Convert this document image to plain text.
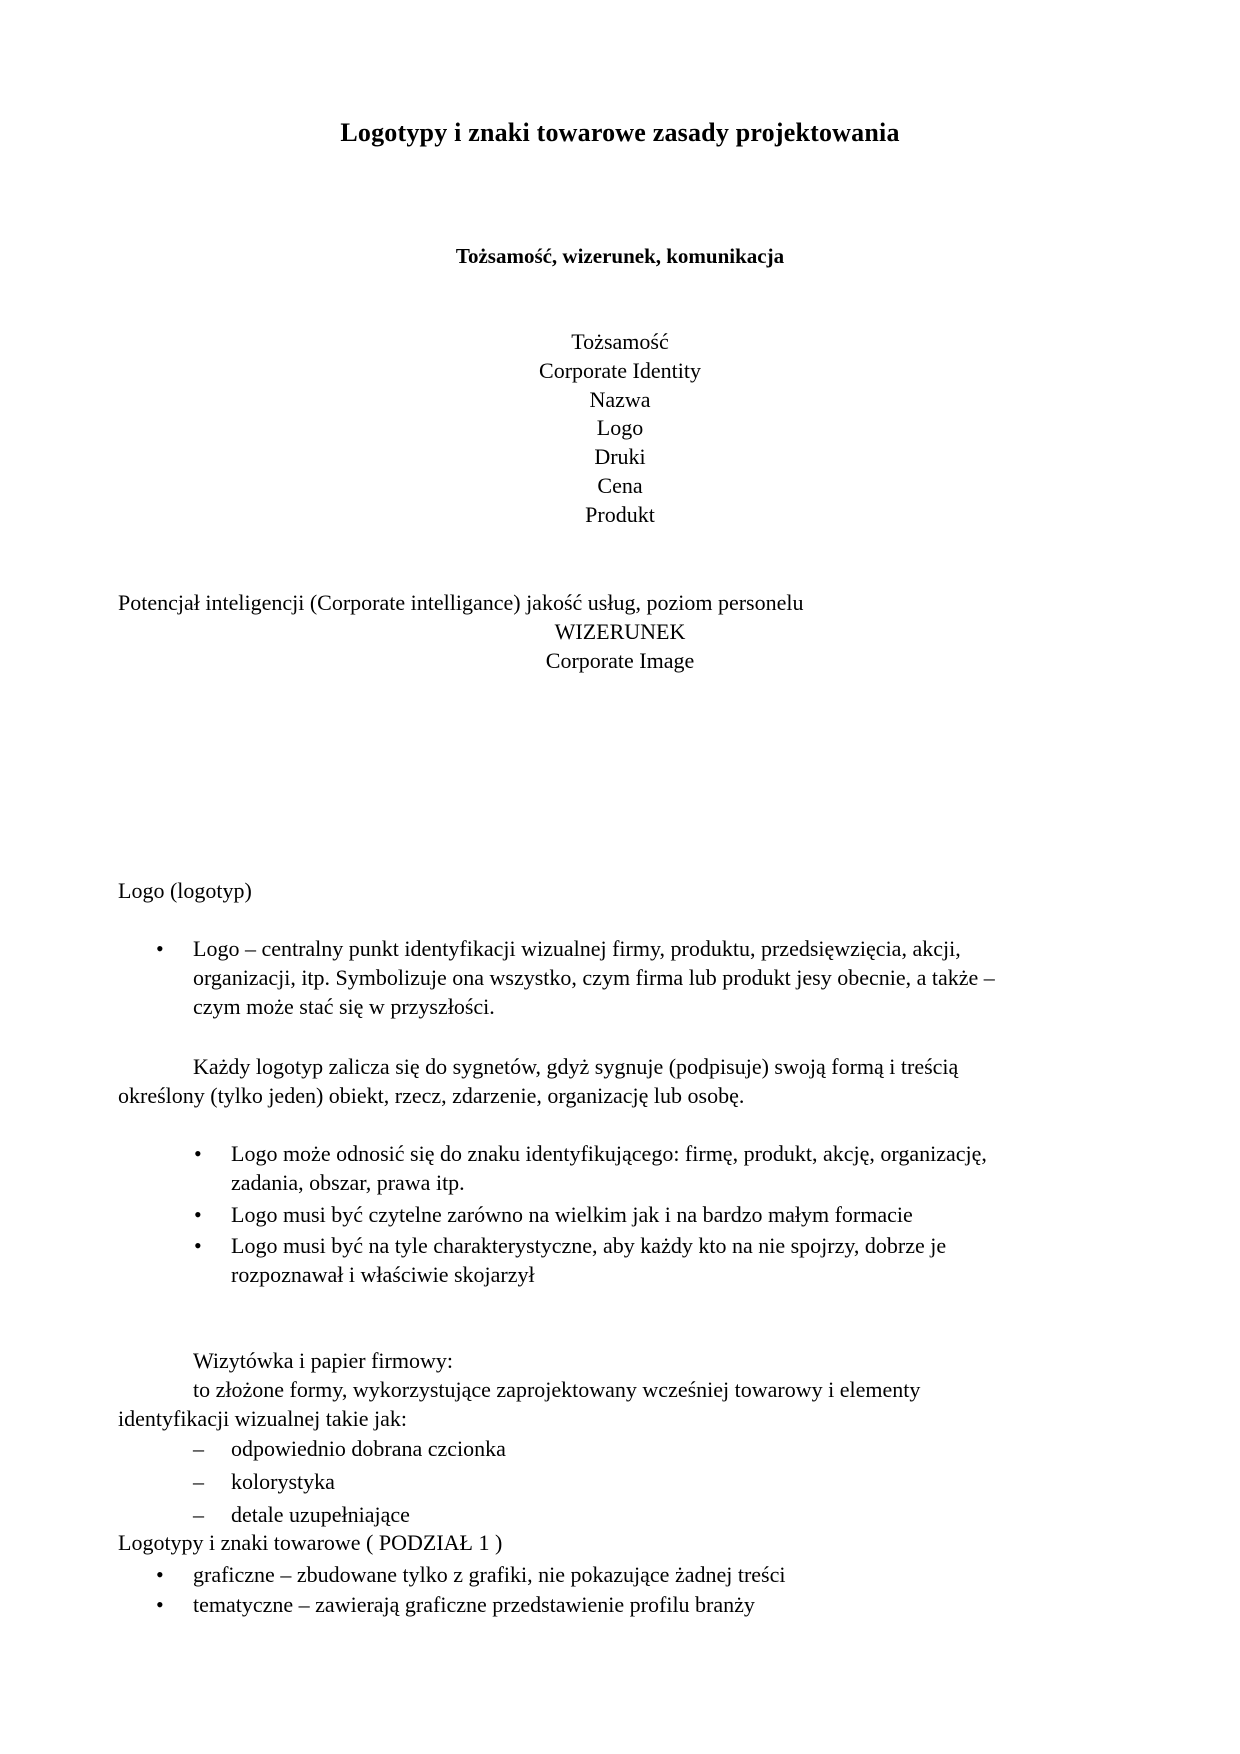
Logotypy i znaki towarowe zasady projektowania
Tożsamość, wizerunek, komunikacja
Tożsamość
Corporate Identity
Nazwa
Logo
Druki
Cena
Produkt
Potencjał inteligencji (Corporate intelligance) jakość usług, poziom personelu
WIZERUNEK
Corporate Image
Logo (logotyp)
• Logo – centralny punkt identyfikacji wizualnej firmy, produktu, przedsięwzięcia, akcji,
organizacji, itp. Symbolizuje ona wszystko, czym firma lub produkt jesy obecnie, a także –
czym może stać się w przyszłości.
Każdy logotyp zalicza się do sygnetów, gdyż sygnuje (podpisuje) swoją formą i treścią
określony (tylko jeden) obiekt, rzecz, zdarzenie, organizację lub osobę.
• Logo może odnosić się do znaku identyfikującego: firmę, produkt, akcję, organizację,
zadania, obszar, prawa itp.
• Logo musi być czytelne zarówno na wielkim jak i na bardzo małym formacie
• Logo musi być na tyle charakterystyczne, aby każdy kto na nie spojrzy, dobrze je
rozpoznawał i właściwie skojarzył
Wizytówka i papier firmowy:
to złożone formy, wykorzystujące zaprojektowany wcześniej towarowy i elementy
identyfikacji wizualnej takie jak:
– odpowiednio dobrana czcionka
– kolorystyka
– detale uzupełniające
Logotypy i znaki towarowe ( PODZIAŁ 1 )
• graficzne – zbudowane tylko z grafiki, nie pokazujące żadnej treści
• tematyczne – zawierają graficzne przedstawienie profilu branży
